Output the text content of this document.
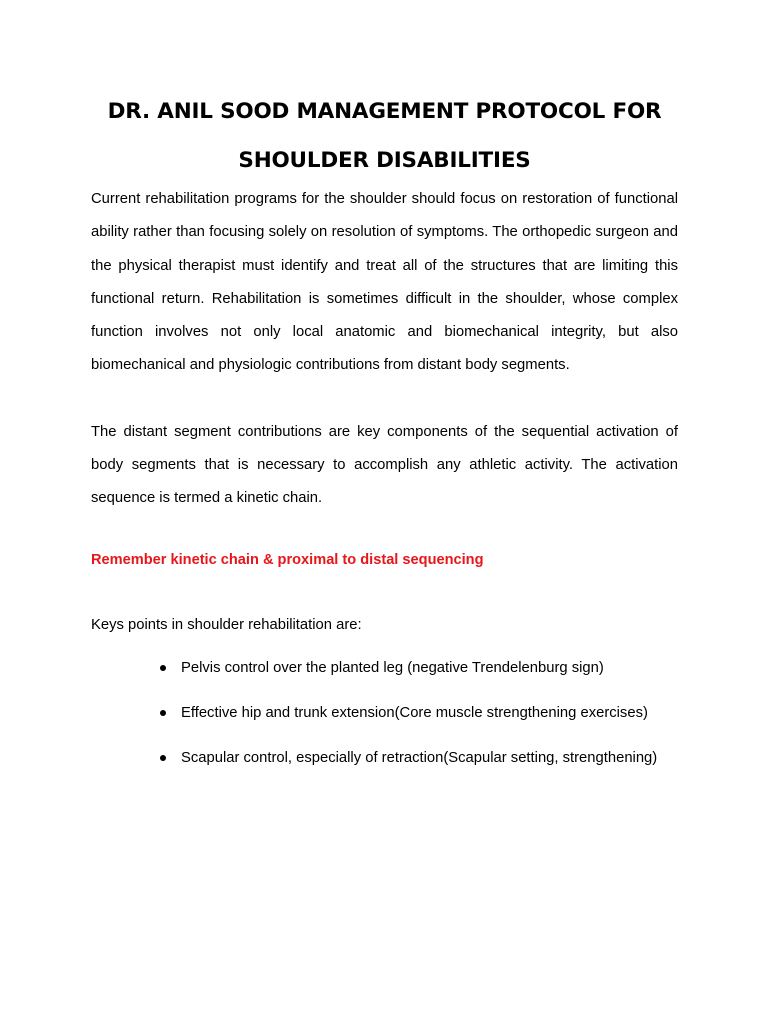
DR. ANIL SOOD MANAGEMENT PROTOCOL FOR
SHOULDER DISABILITIES

Current rehabilitation programs for the shoulder should focus on restoration of functional ability rather than focusing solely on resolution of symptoms. The orthopedic surgeon and the physical therapist must identify and treat all of the structures that are limiting this functional return. Rehabilitation is sometimes difficult in the shoulder, whose complex function involves not only local anatomic and biomechanical integrity, but also biomechanical and physiologic contributions from distant body segments.

The distant segment contributions are key components of the sequential activation of body segments that is necessary to accomplish any athletic activity. The activation sequence is termed a kinetic chain.

Remember kinetic chain & proximal to distal sequencing

Keys points in shoulder rehabilitation are:

Pelvis control over the planted leg (negative Trendelenburg sign)
Effective hip and trunk extension(Core muscle strengthening exercises)
Scapular control, especially of retraction(Scapular setting, strengthening)
